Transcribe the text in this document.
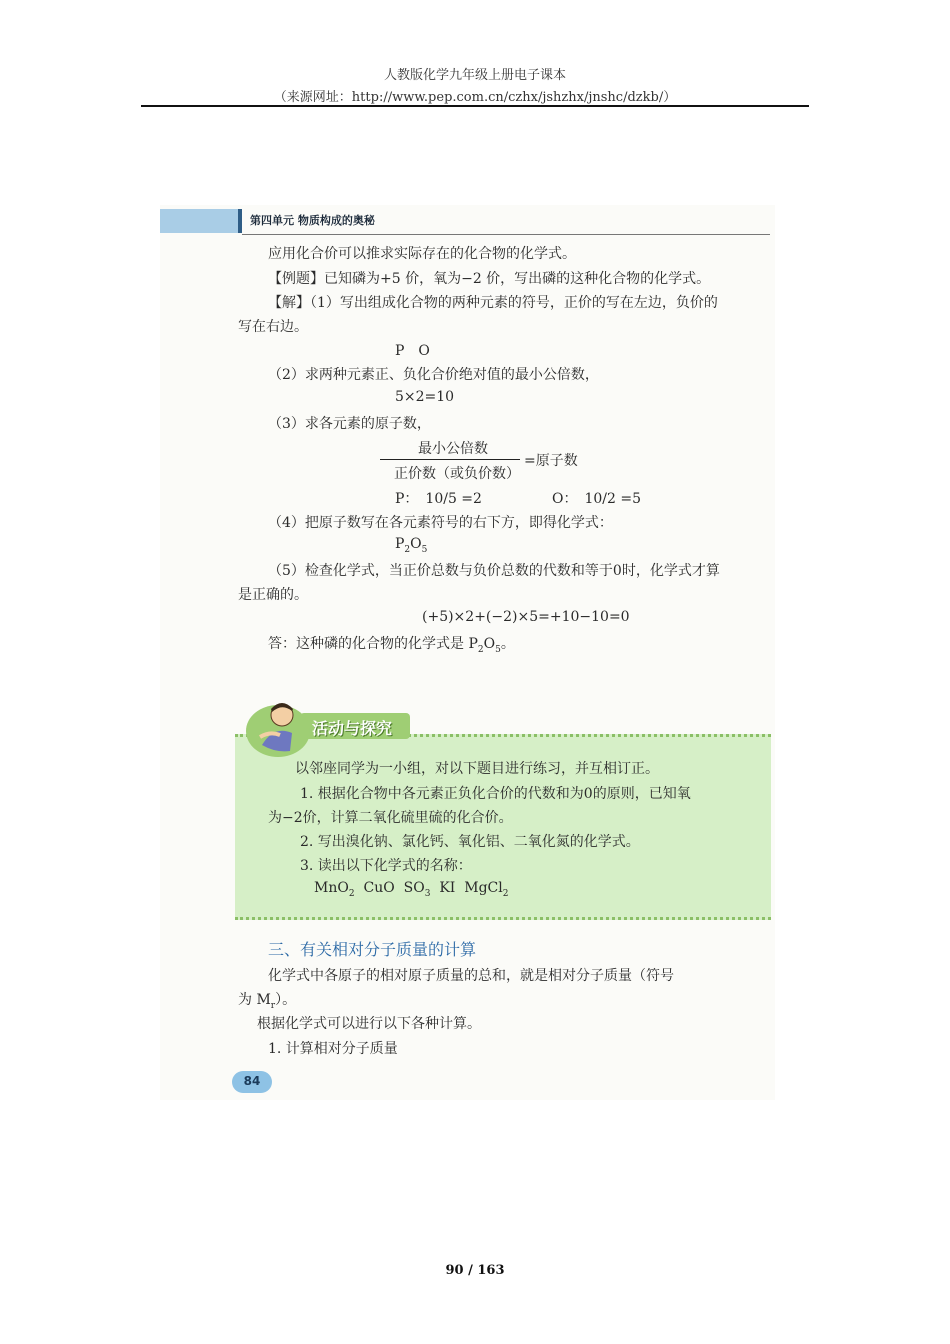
人教版化学九年级上册电子课本
（来源网址：http://www.pep.com.cn/czhx/jshzhx/jnshc/dzkb/）
第四单元 物质构成的奥秘
应用化合价可以推求实际存在的化合物的化学式。
【例题】已知磷为+5 价，氧为−2 价，写出磷的这种化合物的化学式。
【解】（1）写出组成化合物的两种元素的符号，正价的写在左边，负价的
写在右边。
P　O
（2）求两种元素正、负化合价绝对值的最小公倍数，
5×2=10
（3）求各元素的原子数，
最小公倍数
正价数（或负价数）
=原子数
P：　10/5 =2	O：　10/2 =5
（4）把原子数写在各元素符号的右下方，即得化学式：
$P_2O_5$
（5）检查化学式，当正价总数与负价总数的代数和等于0时，化学式才算
是正确的。
(+5)×2+(−2)×5=+10−10=0
答：这种磷的化合物的化学式是 $P_2O_5$。
活动与探究
以邻座同学为一小组，对以下题目进行练习，并互相订正。
1. 根据化合物中各元素正负化合价的代数和为0的原则，已知氧
为−2价，计算二氧化硫里硫的化合价。
2. 写出溴化钠、氯化钙、氧化铝、二氧化氮的化学式。
3. 读出以下化学式的名称：
MnO$_2$ CuO $SO_3$ KI MgCl$_2$
三、有关相对分子质量的计算
化学式中各原子的相对原子质量的总和，就是相对分子质量（符号
为 $M_r$）。
根据化学式可以进行以下各种计算。
1. 计算相对分子质量
84
90 / 163
